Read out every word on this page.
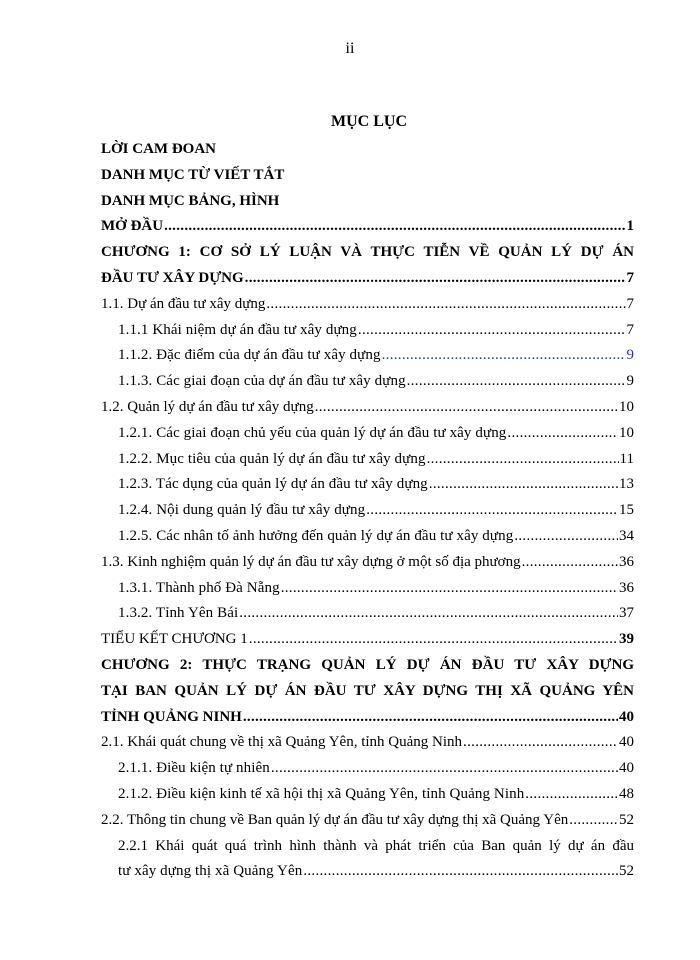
ii
MỤC LỤC
LỜI CAM ĐOAN
DANH MỤC TỪ VIẾT TẮT
DANH MỤC BẢNG, HÌNH
MỞ ĐẦU .....	1
CHƯƠNG 1: CƠ SỞ LÝ LUẬN VÀ THỰC TIỄN VỀ QUẢN LÝ DỰ ÁN
ĐẦU TƯ XÂY DỰNG .....	7
1.1. Dự án đầu tư xây dựng .....	7
1.1.1 Khái niệm dự án đầu tư xây dựng .....	7
1.1.2. Đặc điểm của dự án đầu tư xây dựng .....	9
1.1.3. Các giai đoạn của dự án đầu tư xây dựng .....	9
1.2. Quản lý dự án đầu tư xây dựng .....	10
1.2.1. Các giai đoạn chủ yếu của quản lý dự án đầu tư xây dựng .....	10
1.2.2. Mục tiêu của quản lý dự án đầu tư xây dựng .....	11
1.2.3. Tác dụng của quản lý dự án đầu tư xây dựng .....	13
1.2.4. Nội dung quản lý đầu tư xây dựng .....	15
1.2.5. Các nhân tố ảnh hưởng đến quản lý dự án đầu tư xây dựng .....	34
1.3. Kinh nghiệm quản lý dự án đầu tư xây dựng ở một số địa phương .....	36
1.3.1. Thành phố Đà Nẵng .....	36
1.3.2. Tỉnh Yên Bái .....	37
TIỂU KẾT CHƯƠNG 1 .....	39
CHƯƠNG 2: THỰC TRẠNG QUẢN LÝ DỰ ÁN ĐẦU TƯ XÂY DỰNG
TẠI BAN QUẢN LÝ DỰ ÁN ĐẦU TƯ XÂY DỰNG THỊ XÃ QUẢNG YÊN
TỈNH QUẢNG NINH .....	40
2.1. Khái quát chung về thị xã Quảng Yên, tỉnh Quảng Ninh .....	40
2.1.1. Điều kiện tự nhiên .....	40
2.1.2. Điều kiện kinh tế xã hội thị xã Quảng Yên, tỉnh Quảng Ninh .....	48
2.2. Thông tin chung về Ban quản lý dự án đầu tư xây dựng thị xã Quảng Yên .....	52
2.2.1 Khái quát quá trình hình thành và phát triển của Ban quản lý dự án đầu
tư xây dựng thị xã Quảng Yên .....	52
